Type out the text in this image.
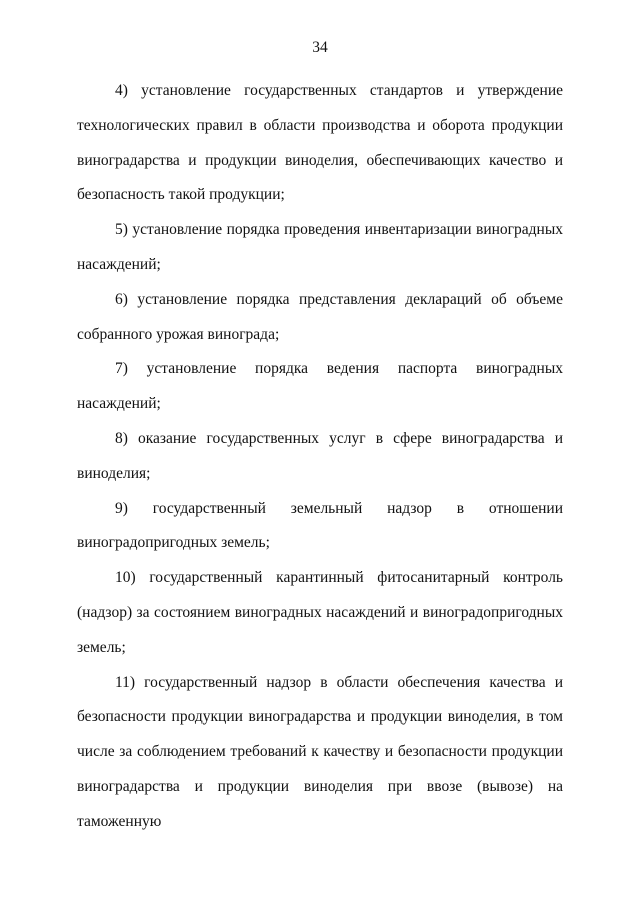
34

4) установление государственных стандартов и утверждение технологических правил в области производства и оборота продукции виноградарства и продукции виноделия, обеспечивающих качество и безопасность такой продукции;

5) установление порядка проведения инвентаризации виноградных насаждений;

6) установление порядка представления деклараций об объеме собранного урожая винограда;

7) установление порядка ведения паспорта виноградных насаждений;

8) оказание государственных услуг в сфере виноградарства и виноделия;

9) государственный земельный надзор в отношении виноградопригодных земель;

10) государственный карантинный фитосанитарный контроль (надзор) за состоянием виноградных насаждений и виноградопригодных земель;

11) государственный надзор в области обеспечения качества и безопасности продукции виноградарства и продукции виноделия, в том числе за соблюдением требований к качеству и безопасности продукции виноградарства и продукции виноделия при ввозе (вывозе) на таможенную
